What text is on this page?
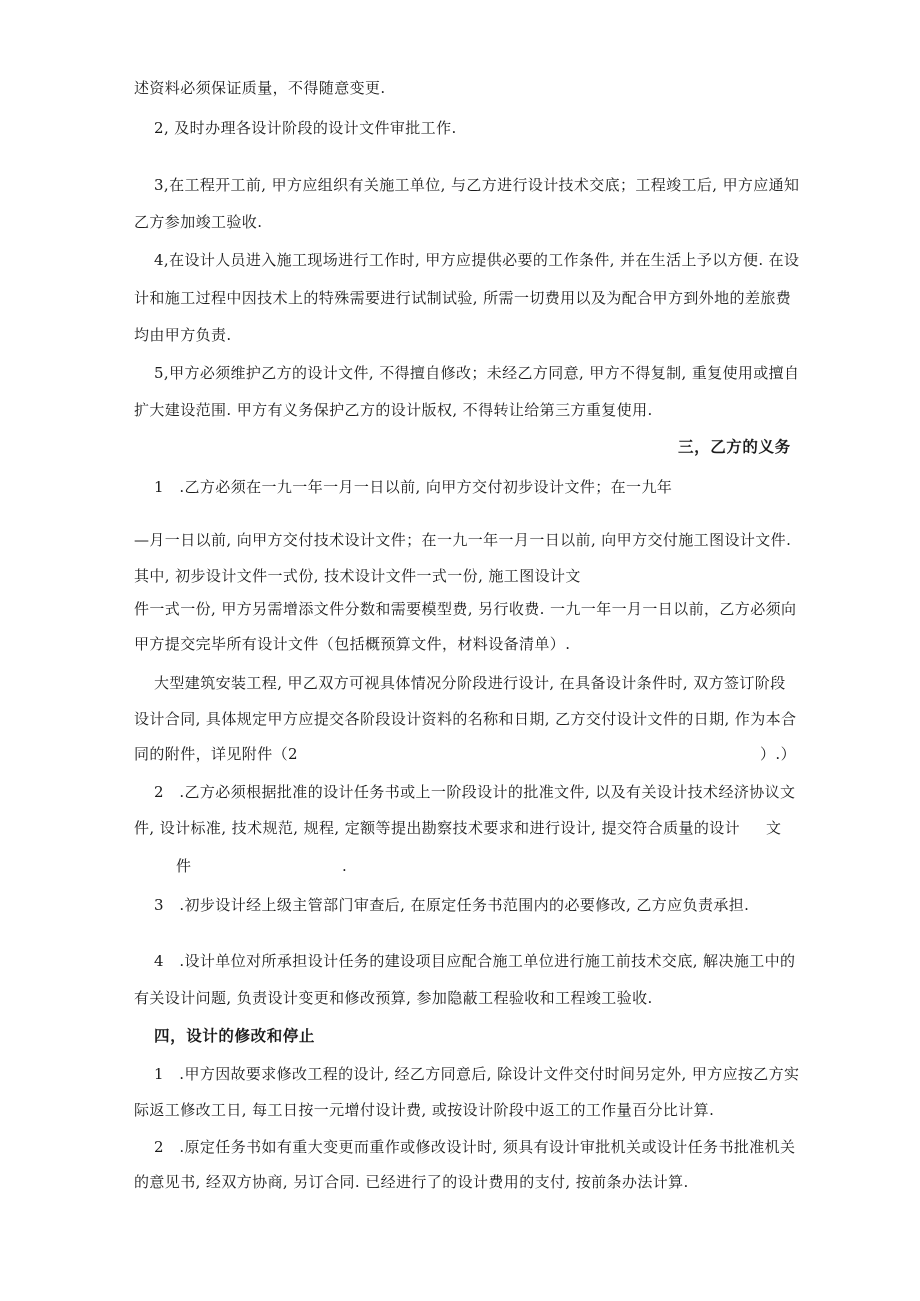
述资料必须保证质量，不得随意变更.

2, 及时办理各设计阶段的设计文件审批工作.

3,在工程开工前, 甲方应组织有关施工单位, 与乙方进行设计技术交底；工程竣工后, 甲方应通知

乙方参加竣工验收.

4,在设计人员进入施工现场进行工作时, 甲方应提供必要的工作条件, 并在生活上予以方便. 在设

计和施工过程中因技术上的特殊需要进行试制试验, 所需一切费用以及为配合甲方到外地的差旅费

均由甲方负责.

5,甲方必须维护乙方的设计文件, 不得擅自修改；未经乙方同意, 甲方不得复制, 重复使用或擅自

扩大建设范围. 甲方有义务保护乙方的设计版权, 不得转让给第三方重复使用.

三，乙方的义务

1　.乙方必须在一九一年一月一日以前, 向甲方交付初步设计文件；在一九年

—月一日以前, 向甲方交付技术设计文件；在一九一年一月一日以前, 向甲方交付施工图设计文件.

其中, 初步设计文件一式份, 技术设计文件一式一份, 施工图设计文

件一式一份, 甲方另需增添文件分数和需要模型费, 另行收费. 一九一年一月一日以前，乙方必须向

甲方提交完毕所有设计文件（包括概预算文件，材料设备清单）.

大型建筑安装工程, 甲乙双方可视具体情况分阶段进行设计, 在具备设计条件时, 双方签订阶段

设计合同, 具体规定甲方应提交各阶段设计资料的名称和日期, 乙方交付设计文件的日期, 作为本合

同的附件，详见附件（2	）.）

2　.乙方必须根据批准的设计任务书或上一阶段设计的批准文件, 以及有关设计技术经济协议文

件, 设计标准, 技术规范, 规程, 定额等提出勘察技术要求和进行设计, 提交符合质量的设计 文

件	.

3　.初步设计经上级主管部门审查后, 在原定任务书范围内的必要修改, 乙方应负责承担.

4　.设计单位对所承担设计任务的建设项目应配合施工单位进行施工前技术交底, 解决施工中的

有关设计问题, 负责设计变更和修改预算, 参加隐蔽工程验收和工程竣工验收.

四，设计的修改和停止

1　.甲方因故要求修改工程的设计, 经乙方同意后, 除设计文件交付时间另定外, 甲方应按乙方实

际返工修改工日, 每工日按一元增付设计费, 或按设计阶段中返工的工作量百分比计算.

2　.原定任务书如有重大变更而重作或修改设计时, 须具有设计审批机关或设计任务书批准机关

的意见书, 经双方协商, 另订合同. 已经进行了的设计费用的支付, 按前条办法计算.
